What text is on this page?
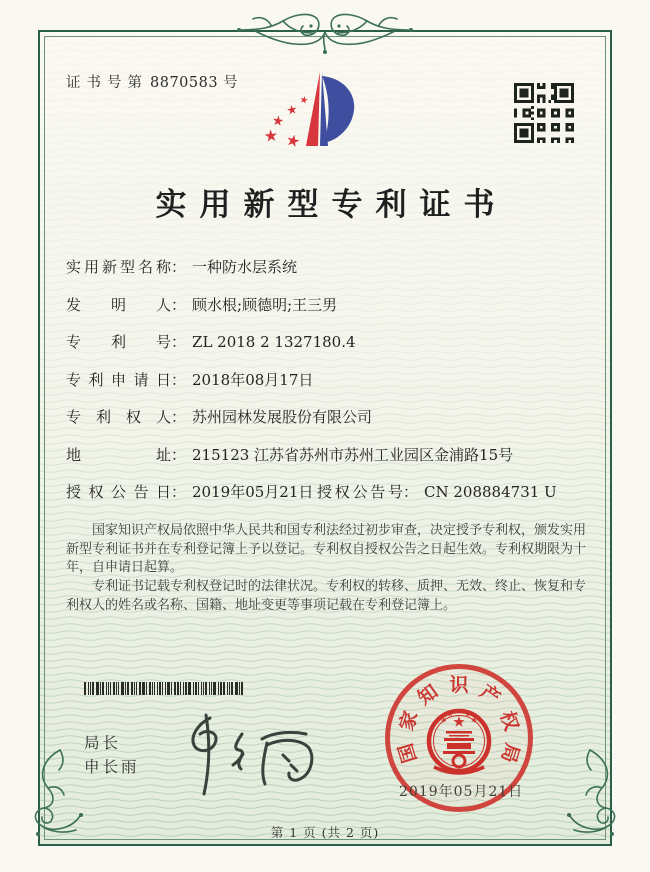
证书号第 8870583 号
实用新型专利证书
实用新型名称： 一种防水层系统
发明人： 顾水根;顾德明;王三男
专利号： ZL 2018 2 1327180.4
专利申请日： 2018年08月17日
专利权人： 苏州园林发展股份有限公司
地址： 215123 江苏省苏州市苏州工业园区金浦路15号
授权公告日： 2019年05月21日 授权公告号： CN 208884731 U

国家知识产权局依照中华人民共和国专利法经过初步审查，决定授予专利权，颁发实用新型专利证书并在专利登记簿上予以登记。专利权自授权公告之日起生效。专利权期限为十年，自申请日起算。

专利证书记载专利权登记时的法律状况。专利权的转移、质押、无效、终止、恢复和专利权人的姓名或名称、国籍、地址变更等事项记载在专利登记簿上。

局长
申长雨
国
家
知 识 产
权
局
2019年05月21日
第 1 页 (共 2 页)
